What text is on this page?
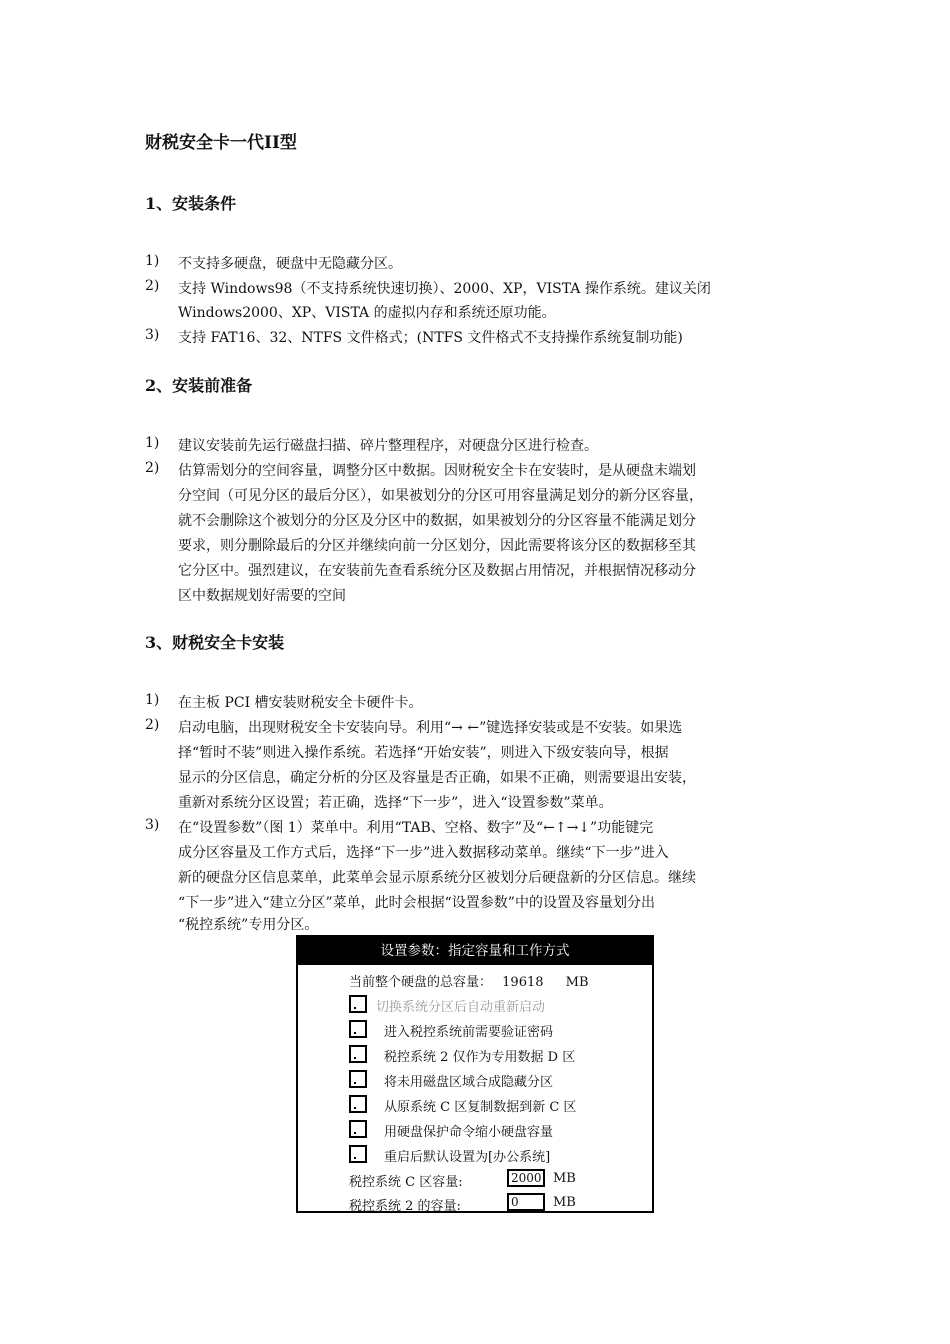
财税安全卡一代II型
1、安装条件
1) 不支持多硬盘，硬盘中无隐藏分区。
2) 支持 Windows98（不支持系统快速切换）、2000、XP，VISTA 操作系统。建议关闭
Windows2000、XP、VISTA 的虚拟内存和系统还原功能。
3) 支持 FAT16、32、NTFS 文件格式；(NTFS 文件格式不支持操作系统复制功能)
2、安装前准备
1) 建议安装前先运行磁盘扫描、碎片整理程序，对硬盘分区进行检查。
2) 估算需划分的空间容量，调整分区中数据。因财税安全卡在安装时，是从硬盘末端划
分空间（可见分区的最后分区），如果被划分的分区可用容量满足划分的新分区容量，
就不会删除这个被划分的分区及分区中的数据，如果被划分的分区容量不能满足划分
要求，则分删除最后的分区并继续向前一分区划分，因此需要将该分区的数据移至其
它分区中。强烈建议，在安装前先查看系统分区及数据占用情况，并根据情况移动分
区中数据规划好需要的空间
3、财税安全卡安装
1) 在主板 PCI 槽安装财税安全卡硬件卡。
2) 启动电脑，出现财税安全卡安装向导。利用“→ ←”键选择安装或是不安装。如果选
择“暂时不装”则进入操作系统。若选择“开始安装”，则进入下级安装向导，根据
显示的分区信息，确定分析的分区及容量是否正确，如果不正确，则需要退出安装，
重新对系统分区设置；若正确，选择“下一步”，进入“设置参数”菜单。
3) 在“设置参数”（图 1）菜单中。利用“TAB、空格、数字”及“←↑→↓”功能键完
成分区容量及工作方式后，选择“下一步”进入数据移动菜单。继续“下一步”进入
新的硬盘分区信息菜单，此菜单会显示原系统分区被划分后硬盘新的分区信息。继续
“下一步”进入“建立分区”菜单，此时会根据“设置参数”中的设置及容量划分出
“税控系统”专用分区。
设置参数：指定容量和工作方式
当前整个硬盘的总容量： 19618 MB
切换系统分区后自动重新启动
进入税控系统前需要验证密码
税控系统 2 仅作为专用数据 D 区
将未用磁盘区域合成隐藏分区
从原系统 C 区复制数据到新 C 区
用硬盘保护命令缩小硬盘容量
重启后默认设置为[办公系统]
税控系统 C 区容量:	2000 MB
税控系统 2 的容量:	0	MB
